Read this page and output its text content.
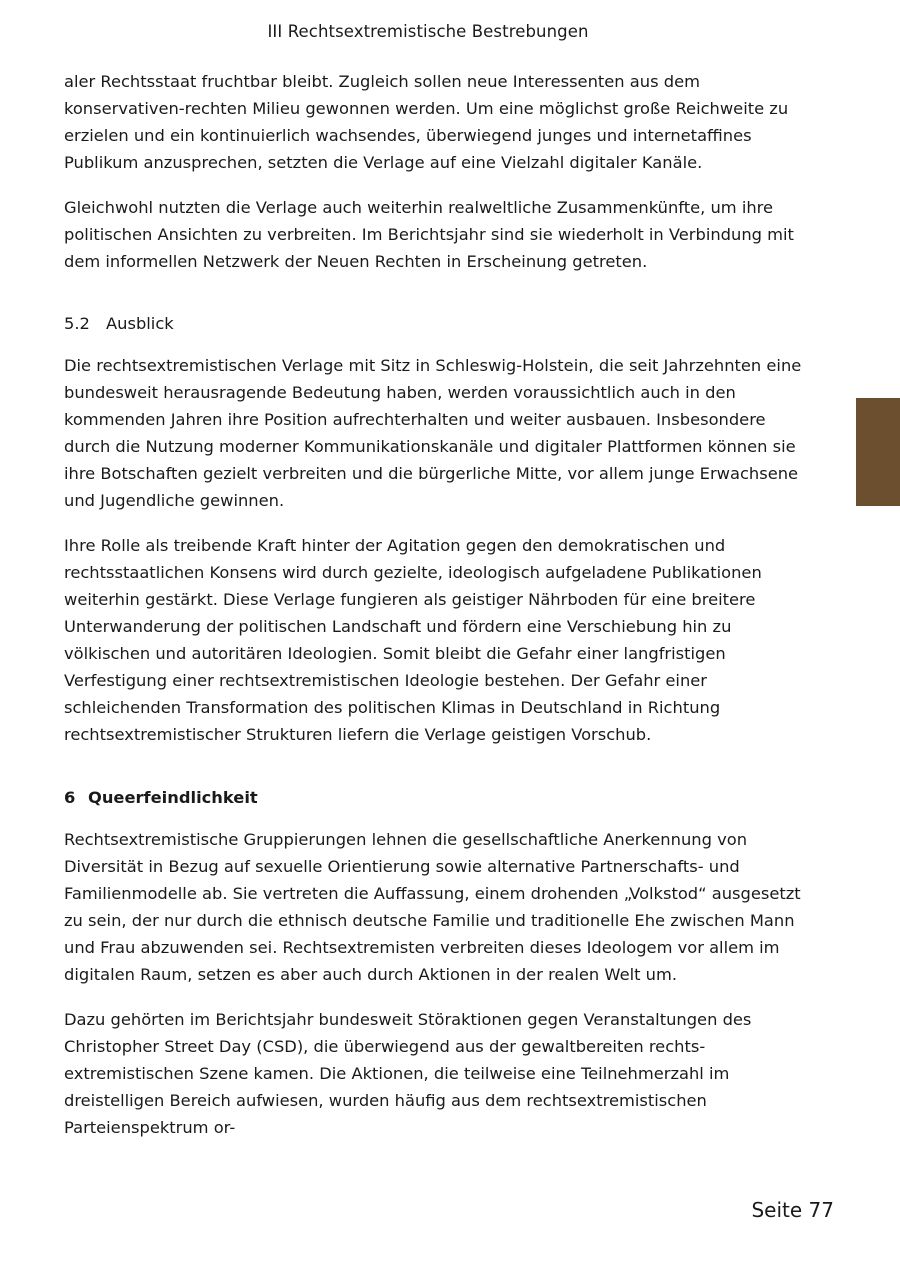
III Rechtsextremistische Bestrebungen

aler Rechtsstaat fruchtbar bleibt. Zugleich sollen neue Interessenten aus dem konservativen-rechten Milieu gewonnen werden. Um eine möglichst große Reichweite zu erzielen und ein kontinuierlich wachsendes, überwiegend junges und internetaffines Publikum anzusprechen, setzten die Verlage auf eine Vielzahl digitaler Kanäle.

Gleichwohl nutzten die Verlage auch weiterhin realweltliche Zusammenkünfte, um ihre politischen Ansichten zu verbreiten. Im Berichtsjahr sind sie wiederholt in Verbindung mit dem informellen Netzwerk der Neuen Rechten in Erscheinung getreten.

5.2 Ausblick

Die rechtsextremistischen Verlage mit Sitz in Schleswig-Holstein, die seit Jahrzehnten eine bundesweit herausragende Bedeutung haben, werden voraussichtlich auch in den kommenden Jahren ihre Position aufrechterhalten und weiter ausbauen. Insbesondere durch die Nutzung moderner Kommunikationskanäle und digitaler Plattformen können sie ihre Botschaften gezielt verbreiten und die bürgerliche Mitte, vor allem junge Erwachsene und Jugendliche gewinnen.

Ihre Rolle als treibende Kraft hinter der Agitation gegen den demokratischen und rechtsstaatlichen Konsens wird durch gezielte, ideologisch aufgeladene Publikationen weiterhin gestärkt. Diese Verlage fungieren als geistiger Nährboden für eine breitere Unterwanderung der politischen Landschaft und fördern eine Verschiebung hin zu völkischen und autoritären Ideologien. Somit bleibt die Gefahr einer langfristigen Verfestigung einer rechtsextremistischen Ideologie bestehen. Der Gefahr einer schleichenden Transformation des politischen Klimas in Deutschland in Richtung rechtsextremistischer Strukturen liefern die Verlage geistigen Vorschub.

6 Queerfeindlichkeit

Rechtsextremistische Gruppierungen lehnen die gesellschaftliche Anerkennung von Diversität in Bezug auf sexuelle Orientierung sowie alternative Partnerschafts- und Familienmodelle ab. Sie vertreten die Auffassung, einem drohenden „Volkstod“ ausgesetzt zu sein, der nur durch die ethnisch deutsche Familie und traditionelle Ehe zwischen Mann und Frau abzuwenden sei. Rechtsextremisten verbreiten dieses Ideologem vor allem im digitalen Raum, setzen es aber auch durch Aktionen in der realen Welt um.

Dazu gehörten im Berichtsjahr bundesweit Störaktionen gegen Veranstaltungen des Christopher Street Day (CSD), die überwiegend aus der gewaltbereiten rechts-extremistischen Szene kamen. Die Aktionen, die teilweise eine Teilnehmerzahl im dreistelligen Bereich aufwiesen, wurden häufig aus dem rechtsextremistischen Parteienspektrum or-

Seite 77
